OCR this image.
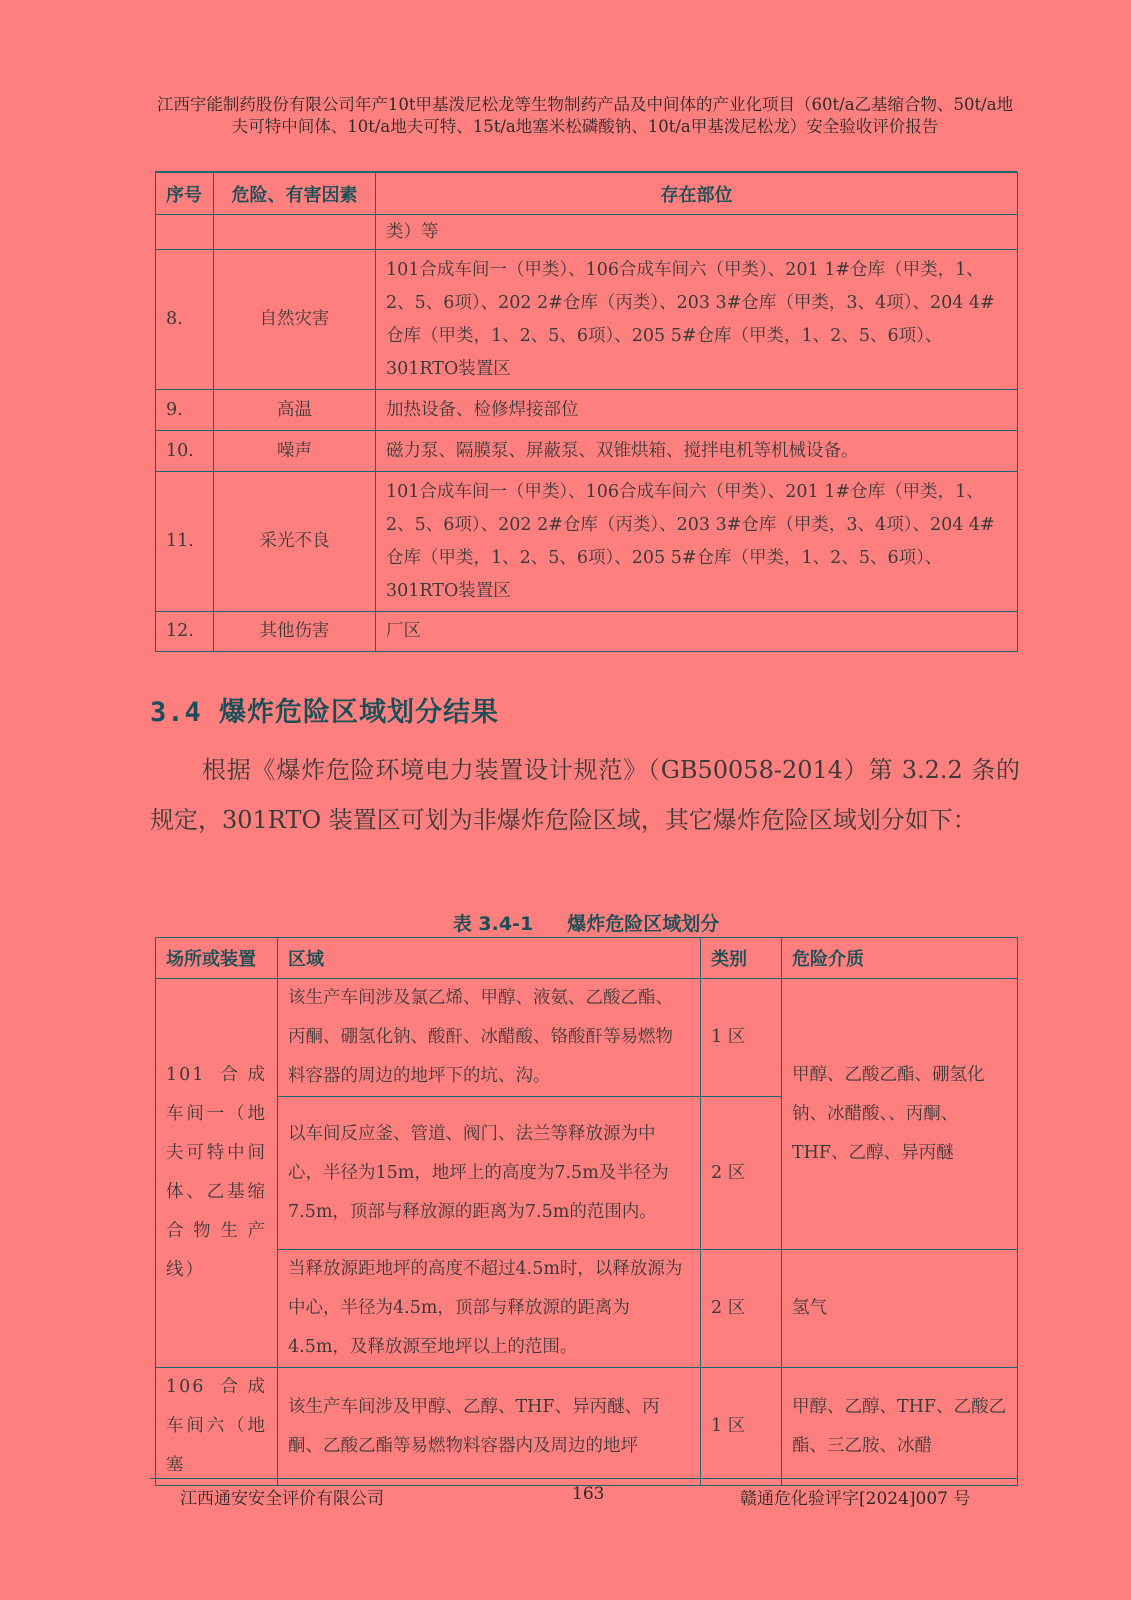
江西宇能制药股份有限公司年产10t甲基泼尼松龙等生物制药产品及中间体的产业化项目（60t/a乙基缩合物、50t/a地夫可特中间体、10t/a地夫可特、15t/a地塞米松磷酸钠、10t/a甲基泼尼松龙）安全验收评价报告
序号	危险、有害因素	存在部位
		类）等
8.	自然灾害	101合成车间一（甲类）、106合成车间六（甲类）、201 1#仓库（甲类，1、2、5、6项）、202 2#仓库（丙类）、203 3#仓库（甲类，3、4项）、204 4#仓库（甲类，1、2、5、6项）、205 5#仓库（甲类，1、2、5、6项）、301RTO装置区
9.	高温	加热设备、检修焊接部位
10.	噪声	磁力泵、隔膜泵、屏蔽泵、双锥烘箱、搅拌电机等机械设备。
11.	采光不良	101合成车间一（甲类）、106合成车间六（甲类）、201 1#仓库（甲类，1、2、5、6项）、202 2#仓库（丙类）、203 3#仓库（甲类，3、4项）、204 4#仓库（甲类，1、2、5、6项）、205 5#仓库（甲类，1、2、5、6项）、301RTO装置区
12.	其他伤害	厂区
3.4 爆炸危险区域划分结果
根据《爆炸危险环境电力装置设计规范》（GB50058-2014）第 3.2.2 条的规定，301RTO 装置区可划为非爆炸危险区域，其它爆炸危险区域划分如下：
表 3.4-1 爆炸危险区域划分
场所或装置	区域	类别	危险介质
101 合成车间一（地夫可特中间体、乙基缩合物生产线）	该生产车间涉及氯乙烯、甲醇、液氨、乙酸乙酯、丙酮、硼氢化钠、酸酐、冰醋酸、铬酸酐等易燃物料容器的周边的地坪下的坑、沟。	1 区	甲醇、乙酸乙酯、硼氢化钠、冰醋酸、、丙酮、THF、乙醇、异丙醚
	以车间反应釜、管道、阀门、法兰等释放源为中心，半径为15m，地坪上的高度为7.5m及半径为7.5m，顶部与释放源的距离为7.5m的范围内。	2 区	
	当释放源距地坪的高度不超过4.5m时，以释放源为中心，半径为4.5m，顶部与释放源的距离为4.5m，及释放源至地坪以上的范围。	2 区	氢气
106 合成车间六（地塞	该生产车间涉及甲醇、乙醇、THF、异丙醚、丙酮、乙酸乙酯等易燃物料容器内及周边的地坪	1 区	甲醇、乙醇、THF、乙酸乙酯、三乙胺、冰醋
江西通安安全评价有限公司	163	赣通危化验评字[2024]007 号
